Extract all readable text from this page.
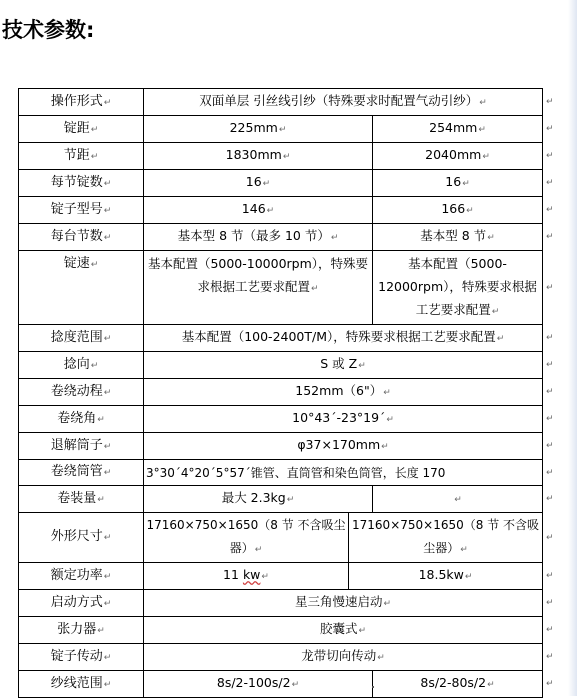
技术参数:
操作形式↵	双面单层 引丝线引纱（特殊要求时配置气动引纱）↵		
锭距↵	225mm↵		254mm↵
节距↵	1830mm↵		2040mm↵
每节锭数↵	16↵		16↵
锭子型号↵	146↵		166↵
每台节数↵	基本型 8 节（最多 10 节）↵		基本型 8 节↵
锭速↵	基本配置（5000-10000rpm），特殊要求根据工艺要求配置↵		基本配置（5000-12000rpm），特殊要求根据工艺要求配置↵
捻度范围↵	基本配置（100-2400T/M），特殊要求根据工艺要求配置↵		
捻向↵	S 或 Z↵		
卷绕动程↵	152mm（6"）↵		
卷绕角↵	10°43´-23°19´↵		
退解筒子↵	φ37×170mm↵		
卷绕筒管↵	3°30´4°20´5°57´锥管、直筒管和染色筒管，长度 170		
卷装量↵	最大 2.3kg↵		↵
外形尺寸↵	17160×750×1650（8 节 不含吸尘器）↵	17160×750×1650（8 节 不含吸尘器）↵	
额定功率↵	11 kw↵	18.5kw↵	
启动方式↵	星三角慢速启动↵		
张力器↵	胶囊式↵		
锭子传动↵	龙带切向传动↵		
纱线范围↵	8s/2-100s/2↵		8s/2-80s/2↵
↵
↵
↵
↵
↵
↵
↵
↵
↵
↵
↵
↵
↵
↵
↵
↵
↵
↵
↵
↵
